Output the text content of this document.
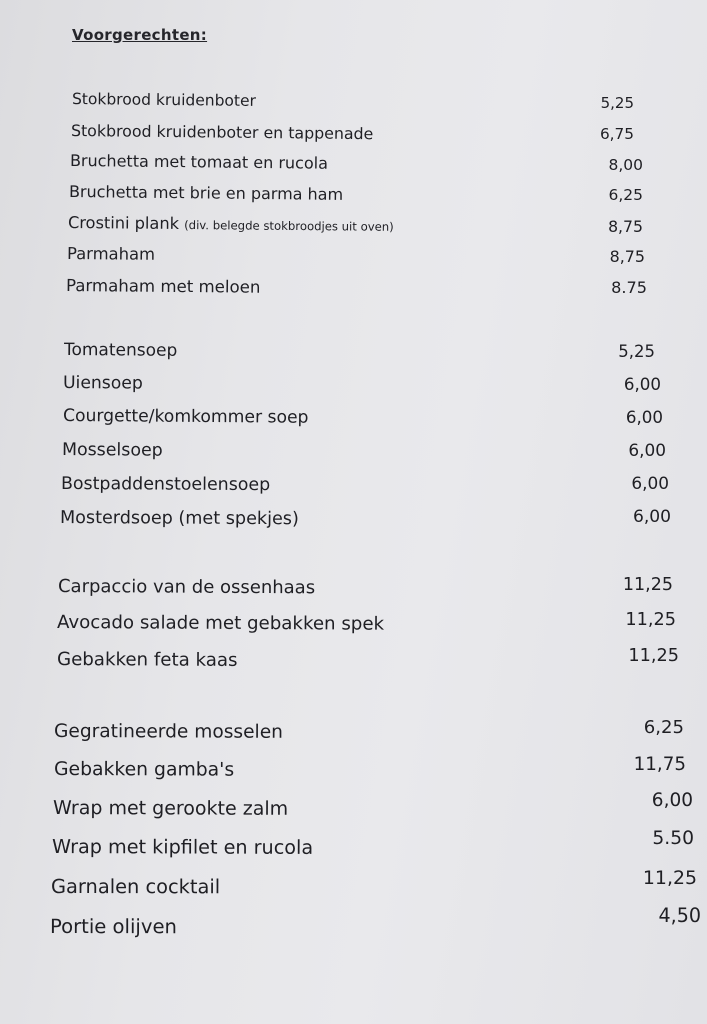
Voorgerechten:
Stokbrood kruidenboter	5,25
Stokbrood kruidenboter en tappenade	6,75
Bruchetta met tomaat en rucola	8,00
Bruchetta met brie en parma ham	6,25
Crostini plank (div. belegde stokbroodjes uit oven)	8,75
Parmaham	8,75
Parmaham met meloen	8.75
Tomatensoep	5,25
Uiensoep	6,00
Courgette/komkommer soep	6,00
Mosselsoep	6,00
Bostpaddenstoelensoep	6,00
Mosterdsoep (met spekjes)	6,00
Carpaccio van de ossenhaas	11,25
Avocado salade met gebakken spek	11,25
Gebakken feta kaas	11,25
Gegratineerde mosselen	6,25
Gebakken gamba's	11,75
Wrap met gerookte zalm	6,00
Wrap met kipfilet en rucola	5.50
Garnalen cocktail	11,25
Portie olijven	4,50
